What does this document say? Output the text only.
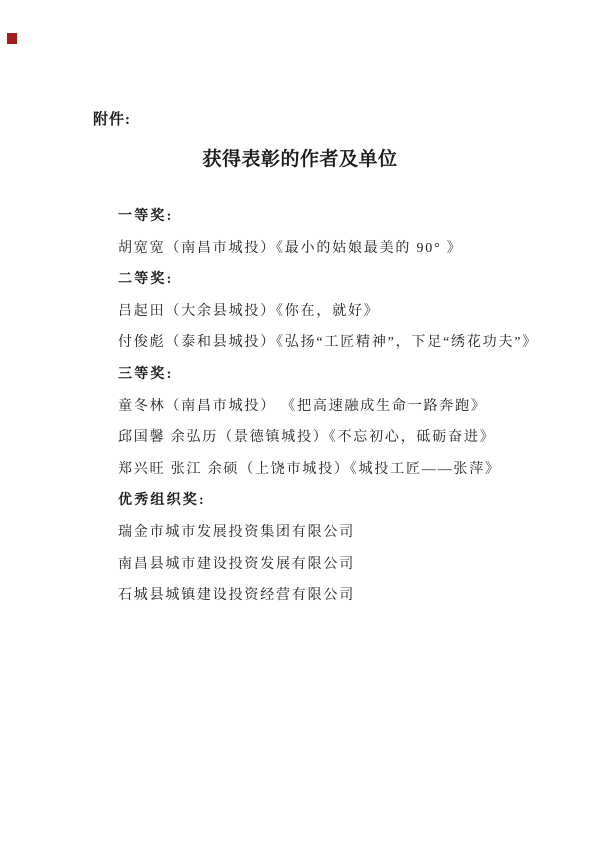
附件:
获得表彰的作者及单位
一等奖:
胡宽宽（南昌市城投）《最小的姑娘最美的 90° 》
二等奖:
吕起田（大余县城投）《你在，就好》
付俊彪（泰和县城投）《弘扬“工匠精神”，下足“绣花功夫”》
三等奖:
童冬林（南昌市城投） 《把高速融成生命一路奔跑》
邱国馨 余弘历（景德镇城投）《不忘初心，砥砺奋进》
郑兴旺 张江 余硕（上饶市城投）《城投工匠——张萍》
优秀组织奖:
瑞金市城市发展投资集团有限公司
南昌县城市建设投资发展有限公司
石城县城镇建设投资经营有限公司
